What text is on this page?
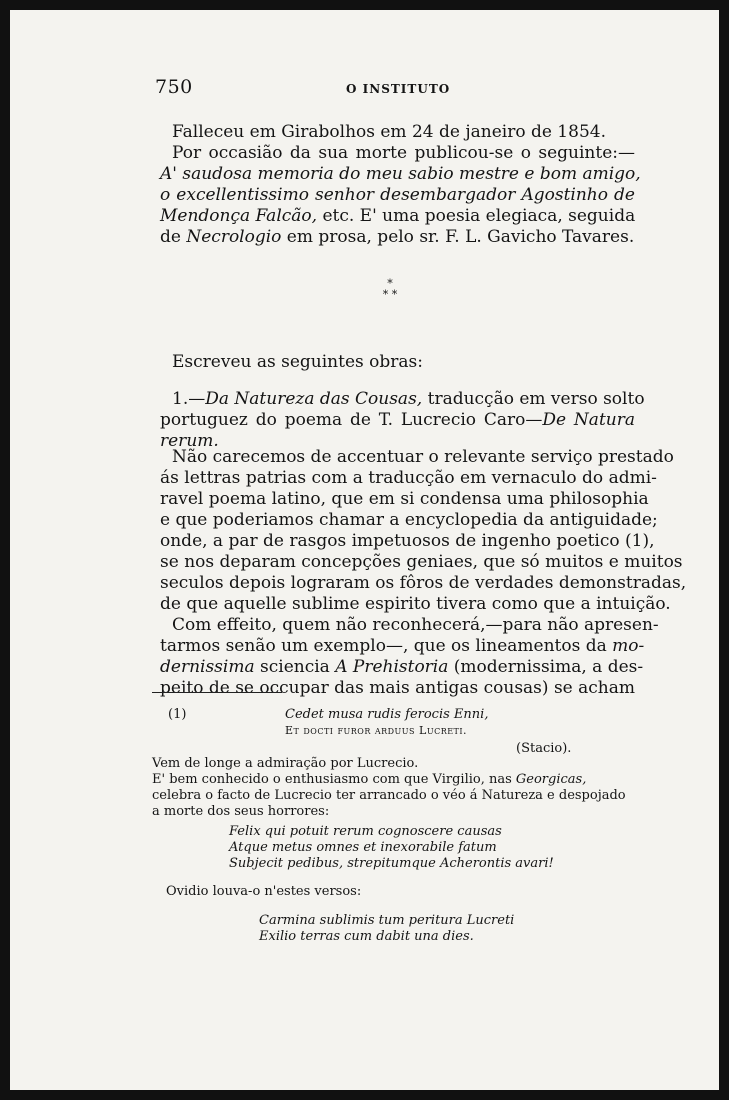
750	O INSTITUTO
Falleceu em Girabolhos em 24 de janeiro de 1854.
Por occasião da sua morte publicou-se o seguinte:—
A' saudosa memoria do meu sabio mestre e bom amigo,
o excellentissimo senhor desembargador Agostinho de
Mendonça Falcão, etc. E' uma poesia elegiaca, seguida
de Necrologio em prosa, pelo sr. F. L. Gavicho Tavares.
*
* *
Escreveu as seguintes obras:
1.—Da Natureza das Cousas, traducção em verso solto
portuguez do poema de T. Lucrecio Caro—De Natura
rerum.
Não carecemos de accentuar o relevante serviço prestado
ás lettras patrias com a traducção em vernaculo do admi-
ravel poema latino, que em si condensa uma philosophia
e que poderiamos chamar a encyclopedia da antiguidade;
onde, a par de rasgos impetuosos de ingenho poetico (1),
se nos deparam concepções geniaes, que só muitos e muitos
seculos depois lograram os fôros de verdades demonstradas,
de que aquelle sublime espirito tivera como que a intuição.
Com effeito, quem não reconhecerá,—para não apresen-
tarmos senão um exemplo—, que os lineamentos da mo-
dernissima sciencia A Prehistoria (modernissima, a des-
peito de se occupar das mais antigas cousas) se acham
(1)	Cedet musa rudis ferocis Enni,
Et docti furor arduus Lucreti.
(Stacio).
Vem de longe a admiração por Lucrecio.
E' bem conhecido o enthusiasmo com que Virgilio, nas Georgicas,
celebra o facto de Lucrecio ter arrancado o véo á Natureza e despojado
a morte dos seus horrores:
Felix qui potuit rerum cognoscere causas
Atque metus omnes et inexorabile fatum
Subjecit pedibus, strepitumque Acherontis avari!
Ovidio louva-o n'estes versos:
Carmina sublimis tum peritura Lucreti
Exilio terras cum dabit una dies.
